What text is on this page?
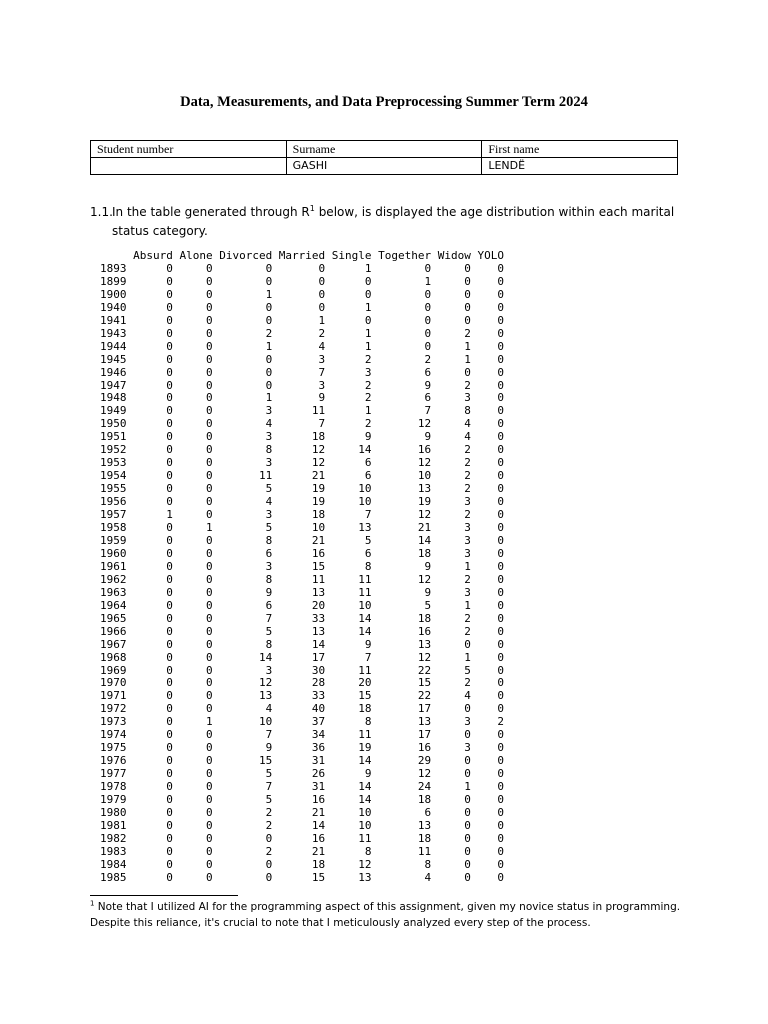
Data, Measurements, and Data Preprocessing Summer Term 2024
Student number	Surname	First name
	GASHI	LENDË
1.1. In the table generated through $R^1$ below, is displayed the age distribution within each marital status category.
Absurd Alone Divorced Married Single Together Widow YOLO
1893      0     0        0       0      1        0     0    0
1899      0     0        0       0      0        1     0    0
1900      0     0        1       0      0        0     0    0
1940      0     0        0       0      1        0     0    0
1941      0     0        0       1      0        0     0    0
1943      0     0        2       2      1        0     2    0
1944      0     0        1       4      1        0     1    0
1945      0     0        0       3      2        2     1    0
1946      0     0        0       7      3        6     0    0
1947      0     0        0       3      2        9     2    0
1948      0     0        1       9      2        6     3    0
1949      0     0        3      11      1        7     8    0
1950      0     0        4       7      2       12     4    0
1951      0     0        3      18      9        9     4    0
1952      0     0        8      12     14       16     2    0
1953      0     0        3      12      6       12     2    0
1954      0     0       11      21      6       10     2    0
1955      0     0        5      19     10       13     2    0
1956      0     0        4      19     10       19     3    0
1957      1     0        3      18      7       12     2    0
1958      0     1        5      10     13       21     3    0
1959      0     0        8      21      5       14     3    0
1960      0     0        6      16      6       18     3    0
1961      0     0        3      15      8        9     1    0
1962      0     0        8      11     11       12     2    0
1963      0     0        9      13     11        9     3    0
1964      0     0        6      20     10        5     1    0
1965      0     0        7      33     14       18     2    0
1966      0     0        5      13     14       16     2    0
1967      0     0        8      14      9       13     0    0
1968      0     0       14      17      7       12     1    0
1969      0     0        3      30     11       22     5    0
1970      0     0       12      28     20       15     2    0
1971      0     0       13      33     15       22     4    0
1972      0     0        4      40     18       17     0    0
1973      0     1       10      37      8       13     3    2
1974      0     0        7      34     11       17     0    0
1975      0     0        9      36     19       16     3    0
1976      0     0       15      31     14       29     0    0
1977      0     0        5      26      9       12     0    0
1978      0     0        7      31     14       24     1    0
1979      0     0        5      16     14       18     0    0
1980      0     0        2      21     10        6     0    0
1981      0     0        2      14     10       13     0    0
1982      0     0        0      16     11       18     0    0
1983      0     0        2      21      8       11     0    0
1984      0     0        0      18     12        8     0    0
1985      0     0        0      15     13        4     0    0
$^1$ Note that I utilized AI for the programming aspect of this assignment, given my novice status in programming.
Despite this reliance, it's crucial to note that I meticulously analyzed every step of the process.
